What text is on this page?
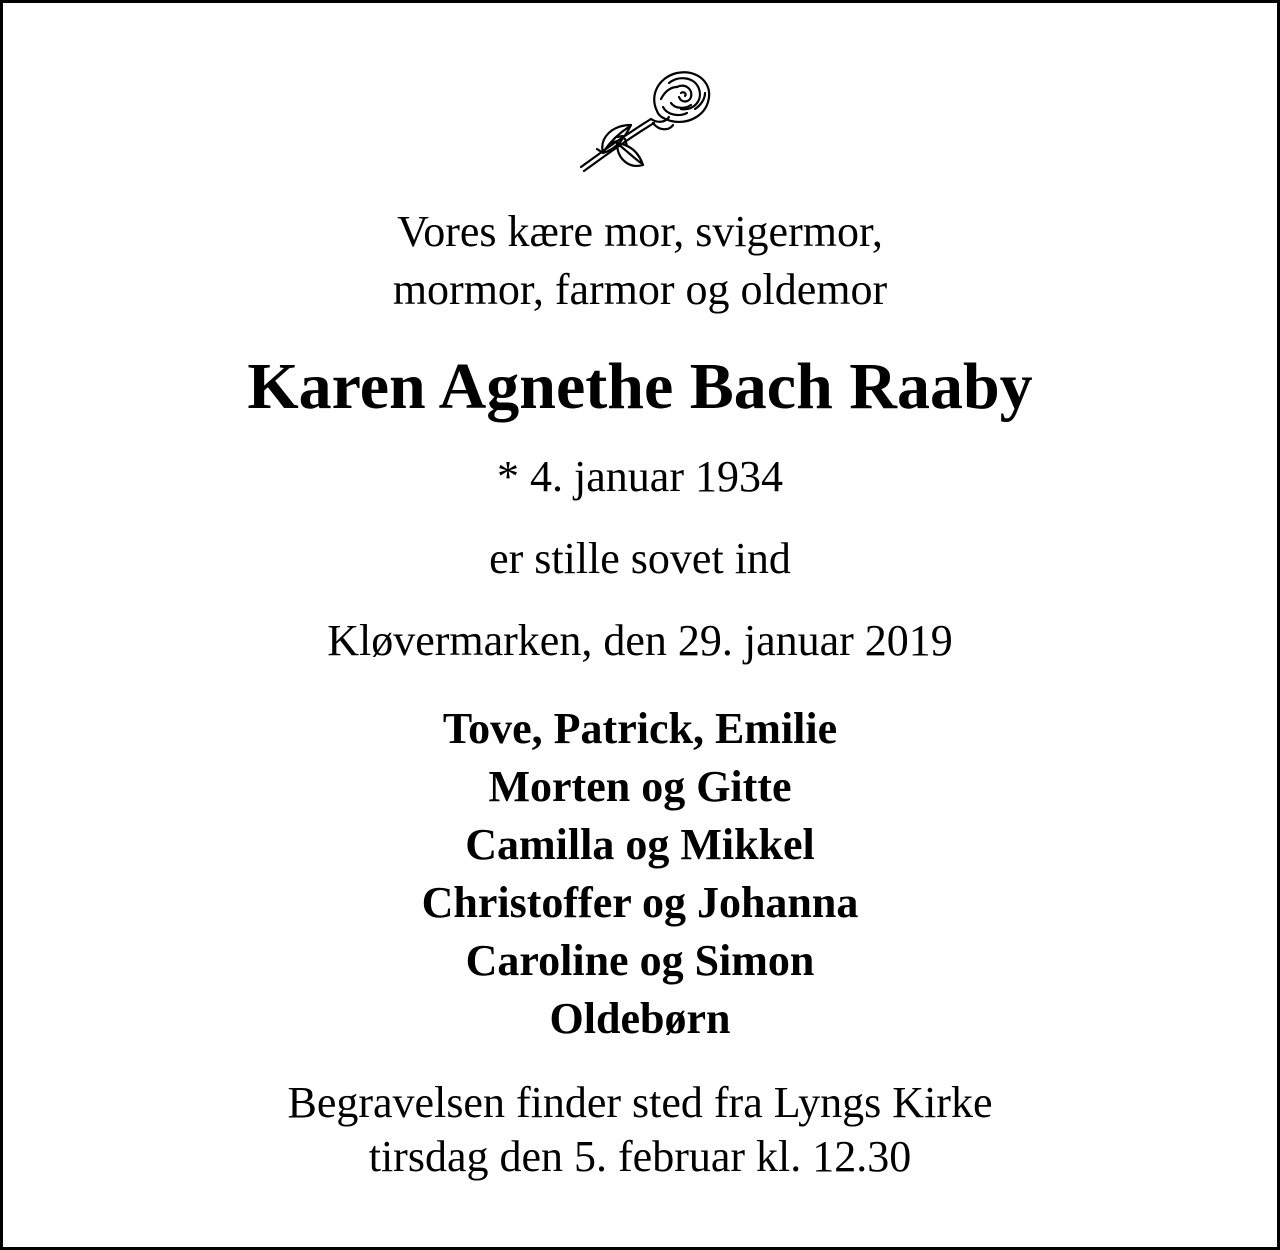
Vores kære mor, svigermor,
mormor, farmor og oldemor
Karen Agnethe Bach Raaby
* 4. januar 1934
er stille sovet ind
Kløvermarken, den 29. januar 2019
Tove, Patrick, Emilie
Morten og Gitte
Camilla og Mikkel
Christoffer og Johanna
Caroline og Simon
Oldebørn
Begravelsen finder sted fra Lyngs Kirke
tirsdag den 5. februar kl. 12.30
